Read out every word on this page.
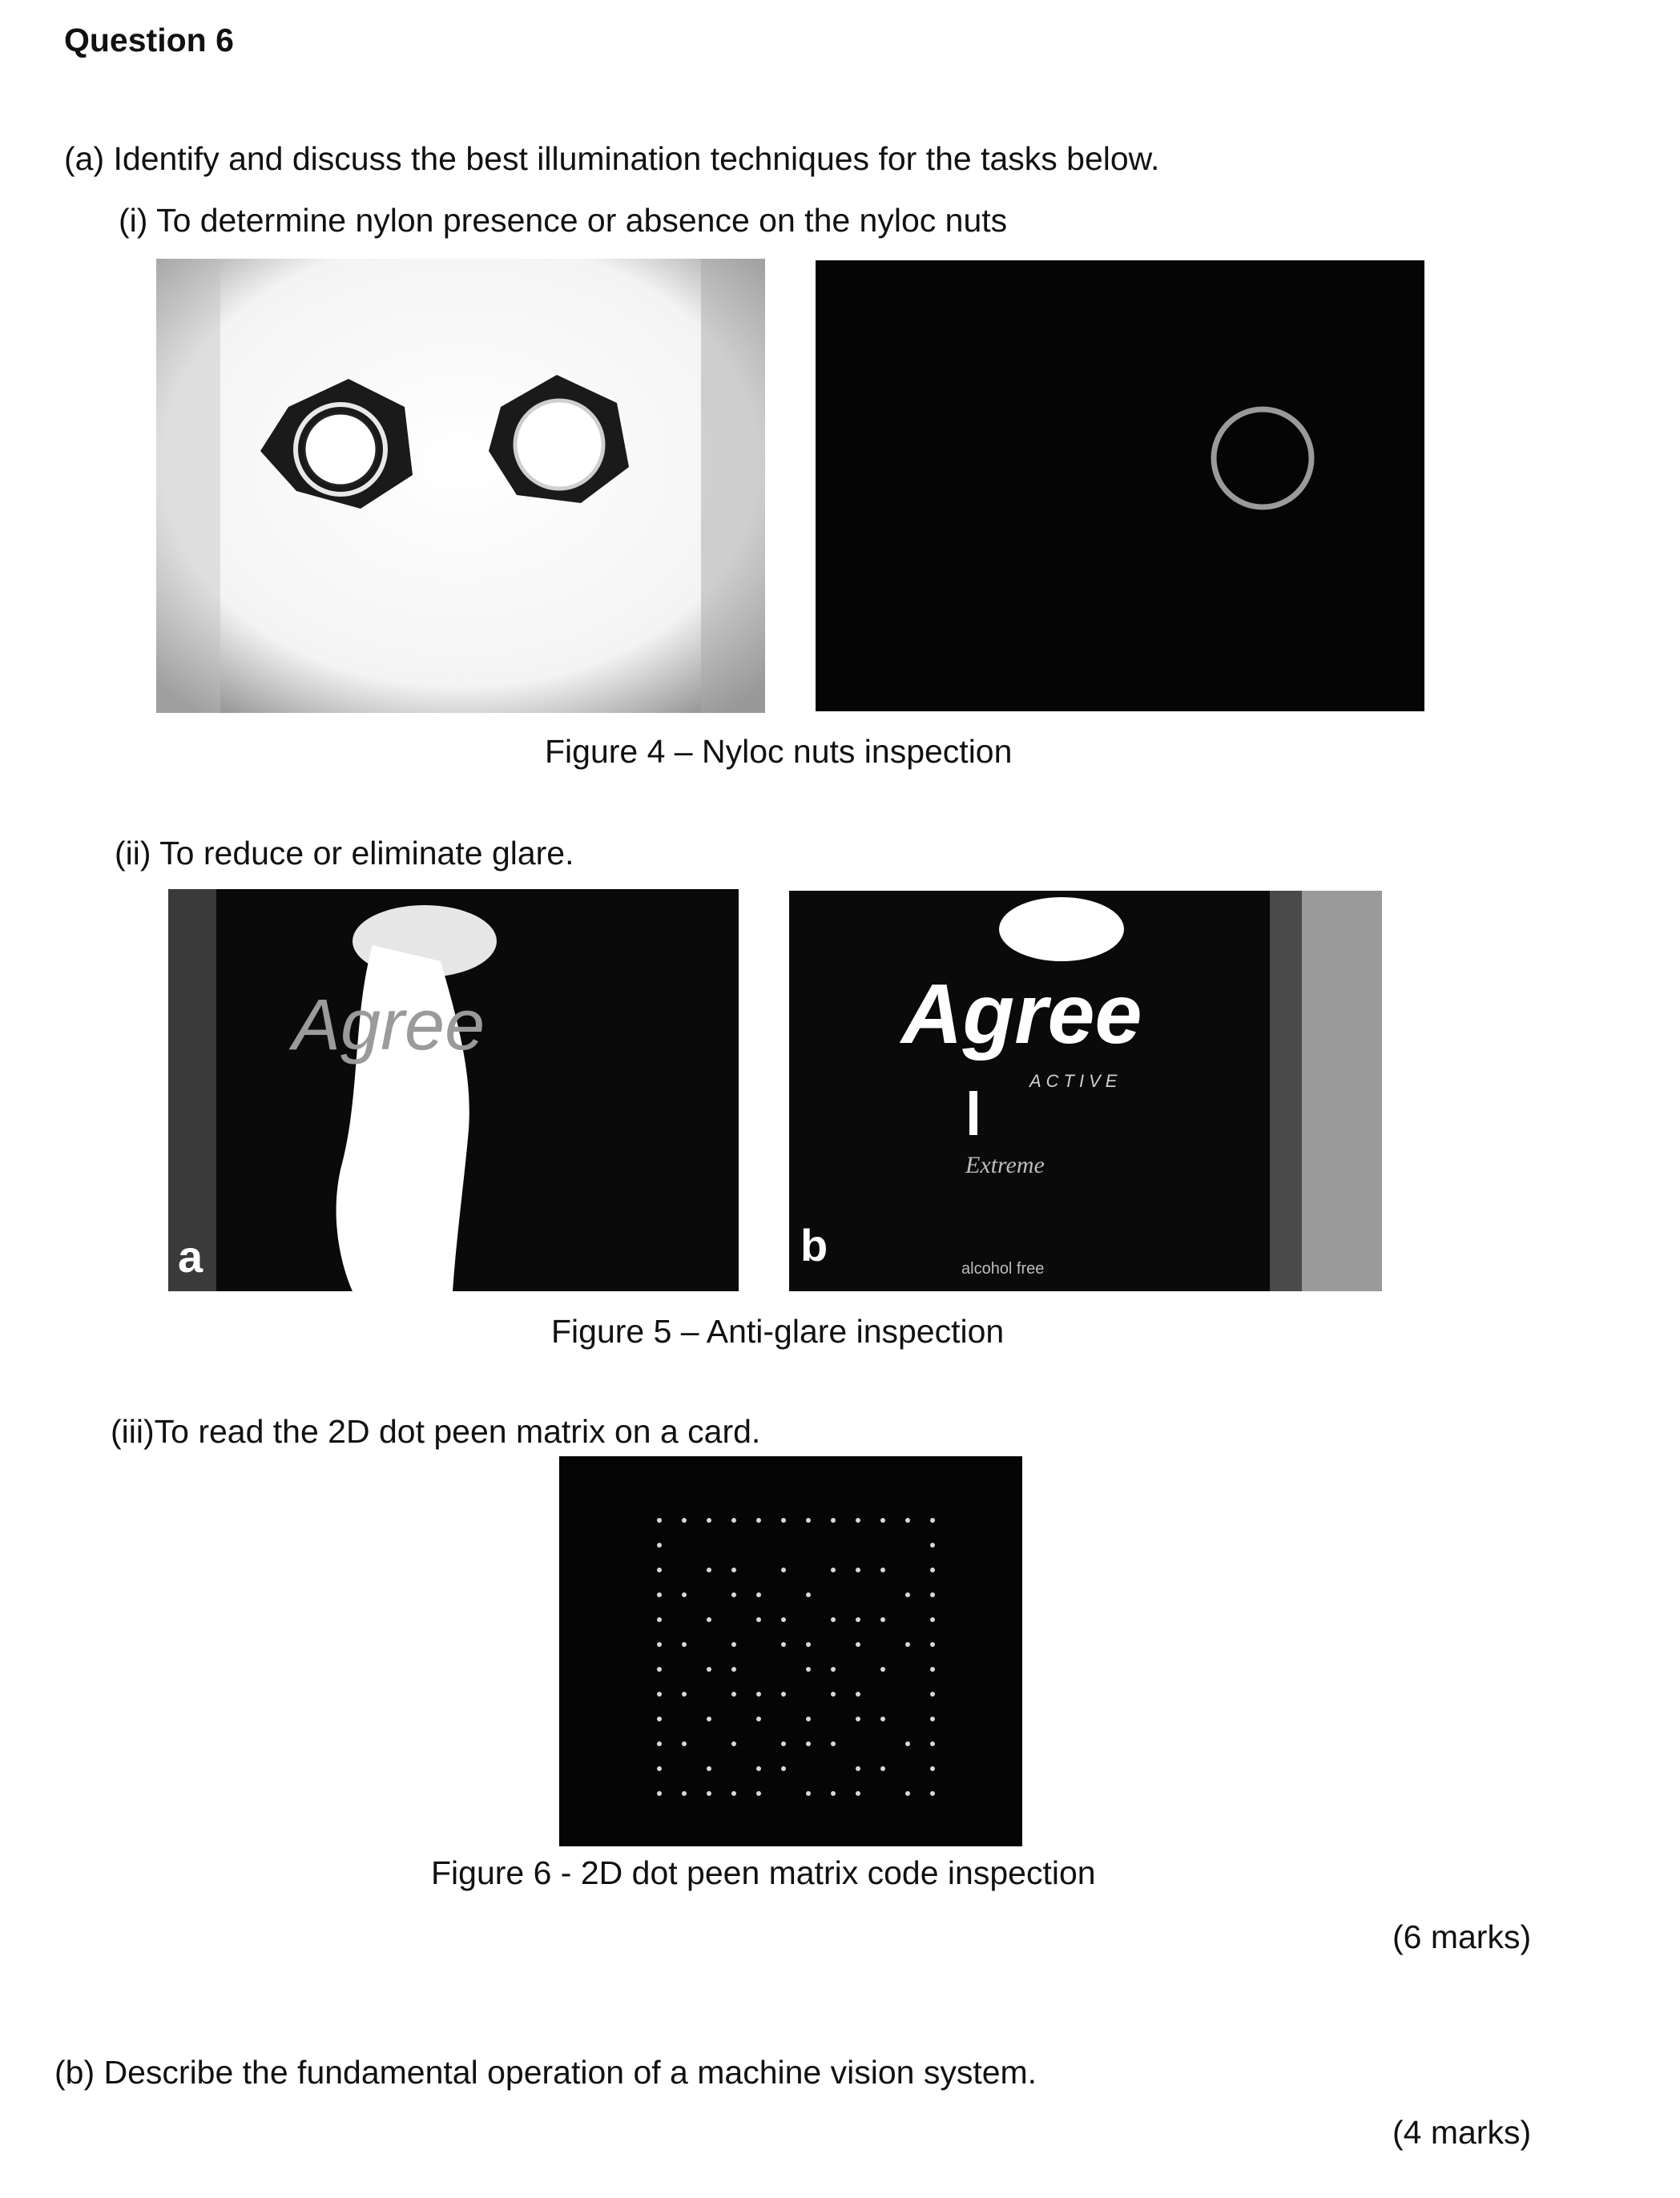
Question 6
(a) Identify and discuss the best illumination techniques for the tasks below.
(i) To determine nylon presence or absence on the nyloc nuts
Figure 4 – Nyloc nuts inspection
(ii) To reduce or eliminate glare.
Agree
a
Agree
ACTIVE
Extreme
alcohol free
b
Figure 5 – Anti-glare inspection
(iii)To read the 2D dot peen matrix on a card.
Figure 6 - 2D dot peen matrix code inspection
(6 marks)
(b) Describe the fundamental operation of a machine vision system.
(4 marks)
